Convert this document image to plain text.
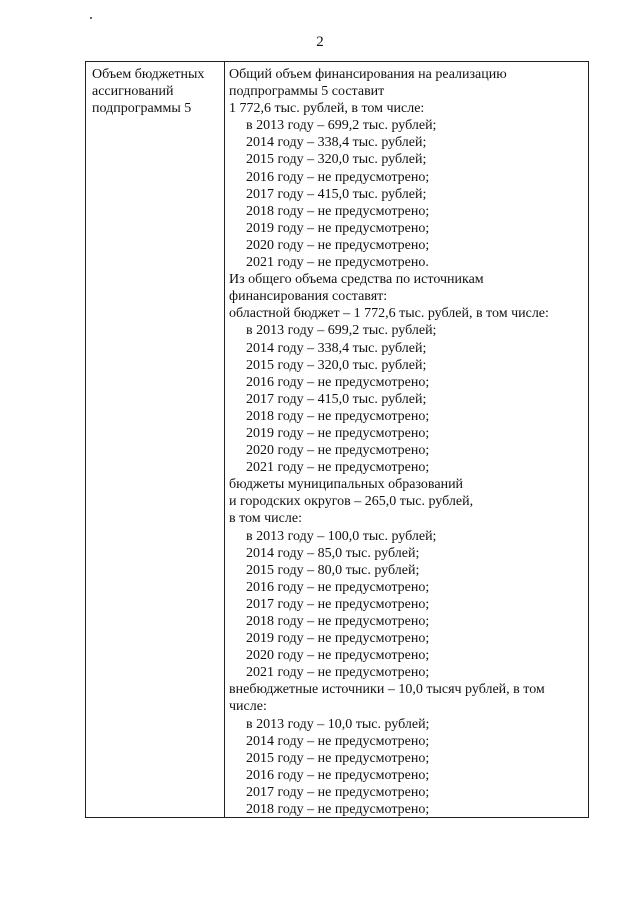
2
Объем бюджетных
ассигнований
подпрограммы 5
Общий объем финансирования на реализацию
подпрограммы 5 составит
1 772,6 тыс. рублей, в том числе:
в 2013 году – 699,2 тыс. рублей;
2014 году – 338,4 тыс. рублей;
2015 году – 320,0 тыс. рублей;
2016 году – не предусмотрено;
2017 году – 415,0 тыс. рублей;
2018 году – не предусмотрено;
2019 году – не предусмотрено;
2020 году – не предусмотрено;
2021 году – не предусмотрено.
Из общего объема средства по источникам
финансирования составят:
областной бюджет – 1 772,6 тыс. рублей, в том числе:
в 2013 году – 699,2 тыс. рублей;
2014 году – 338,4 тыс. рублей;
2015 году – 320,0 тыс. рублей;
2016 году – не предусмотрено;
2017 году – 415,0 тыс. рублей;
2018 году – не предусмотрено;
2019 году – не предусмотрено;
2020 году – не предусмотрено;
2021 году – не предусмотрено;
бюджеты муниципальных образований
и городских округов – 265,0 тыс. рублей,
в том числе:
в 2013 году – 100,0 тыс. рублей;
2014 году – 85,0 тыс. рублей;
2015 году – 80,0 тыс. рублей;
2016 году – не предусмотрено;
2017 году – не предусмотрено;
2018 году – не предусмотрено;
2019 году – не предусмотрено;
2020 году – не предусмотрено;
2021 году – не предусмотрено;
внебюджетные источники – 10,0 тысяч рублей, в том
числе:
в 2013 году – 10,0 тыс. рублей;
2014 году – не предусмотрено;
2015 году – не предусмотрено;
2016 году – не предусмотрено;
2017 году – не предусмотрено;
2018 году – не предусмотрено;
